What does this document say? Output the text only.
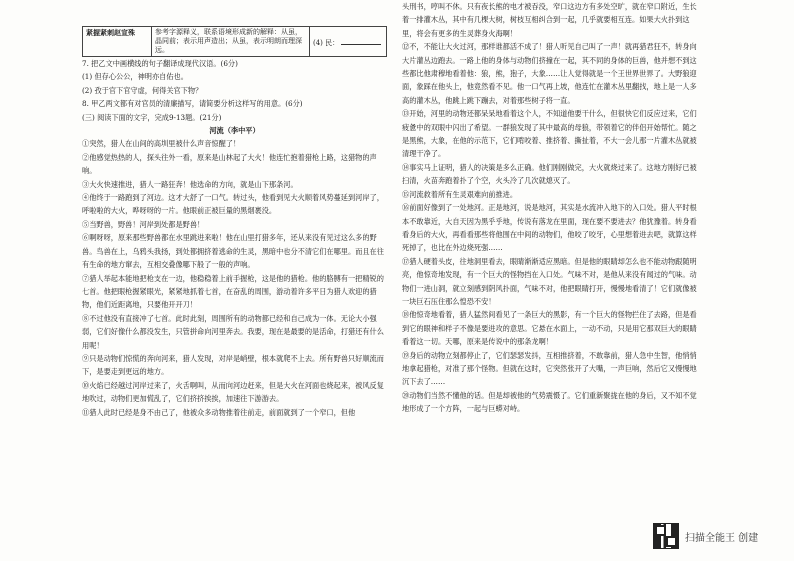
紧握紧刺赵宣殊	参考字源释义，联系语境形成新的解释：从虽，晶同前；表示用声造出；从虽，表示明朗而理深远。	(4) 民：

7. 把乙文中画横线的句子翻译成现代汉语。(6分)

(1) 但存心公公，神明亦自佑也。

(2) 孜于官下官守虚，何得关官下物？

8. 甲乙两文都有对官员的清廉描写，请简要分析这样写的用意。(6分)

(三) 阅读下面的文字，完成9-13题。(21分)

河流（李中平）

①突然，猎人在山间的高圳里被什么声音惊醒了！

②他感觉热热的人，探头往外一看，原来是山林起了大火！他连忙抱着猎枪上路，这猎物的声响。

③大火快速推进，猎人一路狂奔！他选命的方向，就是山下那条河。

④他终于一路跑到了河边。这才大舒了一口气。转过头，他看到见大火顺着风势蔓延到河岸了，呼啦啦的大火，哗呀呀的一片。他眼前正被巨量的黑烟裹没。

⑤当野兽，野兽！河岸到处都是野兽！

⑥啊呀呀，原来那些野兽都在水里跳进来啦！他在山里打猎多年，还从来没有见过这么多的野兽。鸟兽在上，乌鸦头我扬，到处都拥挤着逃命的生灵，黑暗中也分不清它们在哪里。而且在往有生命的地方窜去，互相交叠像哪下般了一般的声响。

⑦猎人举起本能地把枪支在一边，他稳稳着上前手握枪，这是他的猎枪。他的胳膊有一把精锐的七首。他把眼枪握紧眼光，紧紧地抓着七首，在奋乱的周围，游动着许多平日为猎人欢迎的猎物，他们近距离地，只要他开开刀！

⑧不过他没有直接冲了七首。此时此刻，周围所有的动物都已经和自己成为一体。无论大小强弱，它们好像什么都没发生，只管拼命向河里奔去。我要，现在是最要的是活命，打猎还有什么用呢！

⑨只是动物们惊慌的奔向河来，猎人发现，对岸是峭壁，根本就爬不上去。所有野兽只好顺流而下，是要走到更远的地方。

⑩火焰已经越过河岸过来了，火舌啊叫，从而向河边赶来，但是大火在河面也烧起来，被风反复地吹过，动物们更加慌乱了，它们挤挤挨挨，加速往下游游去。

⑪猎人此时已经是身不由己了，他被众多动物推着往前走，前面就到了一个窄口，但他

头刑书，哼叫不休。只有夜长熊的电才被吞没，窄口这边方有多处空旷，就在窄口附近，生长着一排灌木丛，其中有几棵大树，树枝互相纠合到一起，几乎就要相互连。如果大火扑到这里，将会有更多的生灵葬身火海啊！

⑫不，不能让大火过河，那样谁都活不成了！猎人听见自己叫了一声！就再猎君狂不，转身向大片灌丛边跑去。一路上他的身体与动物们挤撞在一起，其不同的身体的巨兽，他并想不到这些都比他肃穆地看着他：狼，熊，狍子，大象……让人觉得就是一个王世界世界了。大野狼迎面，象踩在他头上，他竟然看不见。他一口气再上坡，他连忙在灌木丛里翻找，地上是一人多高的灌木丛，他跳上跳下蹦去，对着那些树子将一直。

⑬开始，河里的动物还都呆呆地看着这个人，不知道他要干什么，但很快它们反应过来，它们疲惫中的双眼中闪出了希望。一群狼发现了其中最高的母狼，带领着它的伴侣开始帮忙。随之是黑熊，大象，在他的示范下，它们啃咬着、推挤着、撕扯着，不大一会儿那一片灌木丛就被清理干净了。

⑭事实马上证明，猎人的决策是多么正确。他们刚刚做完，大火就烧过来了。这地方刚好已被扫清，火苗奔跑着扑了个空，火头冷了几次就熄灭了。

⑮河流救着所有生灵艰难向前推进。

⑯前面好像到了一处地河。正是地河，说是地河，其实是水流冲入地下的入口处。猎人平时根本不敢靠近，大自天因为黑乎乎地，传说有落龙在里面，现在要不要进去？他犹豫着。转身看看身后的大火，再看看那些将他围在中间的动物们，他咬了咬牙，心里想着进去吧，就算这样死掉了，也比在外边烧死强……

⑰猎人硬着头皮，往地洞里看去，眼睛渐渐适应黑暗。但是他的眼睛却怎么也不能动物跟随明亮，他惊奇地发现，有一个巨大的怪物挡在入口处。气味不对，是他从来没有闻过的气味。动物们一进山洞，就立刻感到阴风扑面，气味不对，他把眼睛打开，慢慢地看清了！它们就像被一块巨石压住那么惶恐不安！

⑱他惊奇地看着，猎人猛然间看见了一条巨大的黑影，有一个巨大的怪物拦住了去路，但是看到它的眼神和样子不像是要进攻的意思。它悬在水面上，一动不动，只是用它那双巨大的眼睛看着这一切。天哪，原来是传说中的那条龙啊！

⑲身后的动物立刻都停止了，它们瑟瑟发抖，互相推挤着，不敢靠前，猎人急中生智，他悄悄地拿起猎枪，对准了那个怪物。但就在这时，它突然张开了大嘴，一声巨响，然后它又慢慢地沉下去了……

⑳动物们当然不懂他的话。但是却被他的气势震慑了。它们重新聚拢在他的身后，又不知不觉地形成了一个方阵，一起与巨蟒对峙。

扫描全能王 创建
